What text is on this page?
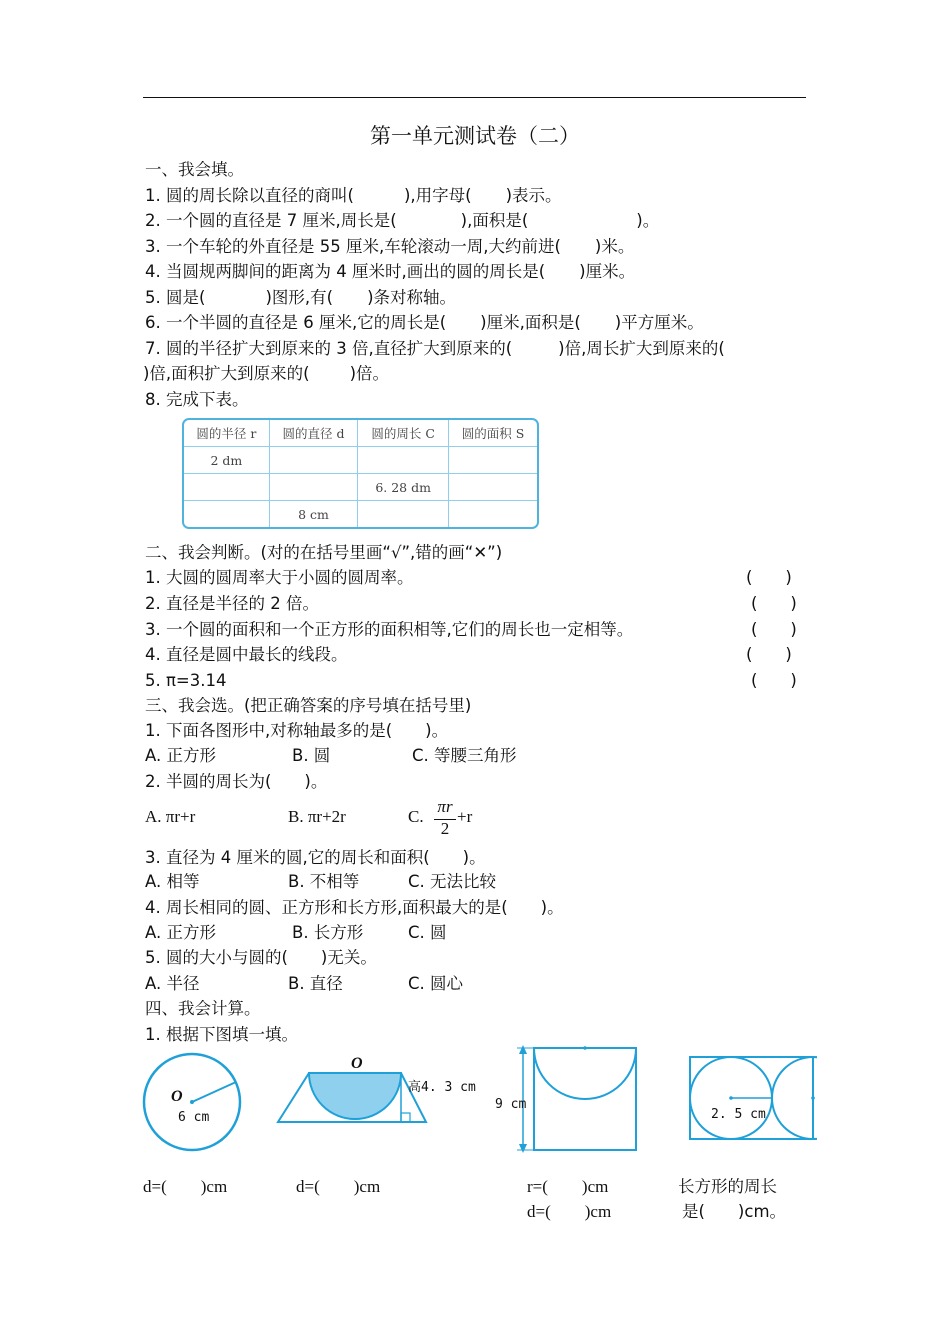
第一单元测试卷（二）
一、我会填。
1. 圆的周长除以直径的商叫(	),用字母( )表示。
2. 一个圆的直径是 7 厘米,周长是(	),面积是(	)。
3. 一个车轮的外直径是 55 厘米,车轮滚动一周,大约前进( )米。
4. 当圆规两脚间的距离为 4 厘米时,画出的圆的周长是( )厘米。
5. 圆是(	)图形,有( )条对称轴。
6. 一个半圆的直径是 6 厘米,它的周长是( )厘米,面积是( )平方厘米。
7. 圆的半径扩大到原来的 3 倍,直径扩大到原来的(	)倍,周长扩大到原来的(
)倍,面积扩大到原来的( )倍。
8. 完成下表。
圆的半径 r	圆的直径 d	圆的周长 C	圆的面积 S
2 dm			
		6. 28 dm	
	8 cm		
二、我会判断。(对的在括号里画“√”,错的画“✕”)
1. 大圆的圆周率大于小圆的圆周率。	(　　)
2. 直径是半径的 2 倍。	(　　)
3. 一个圆的面积和一个正方形的面积相等,它们的周长也一定相等。	(　　)
4. 直径是圆中最长的线段。	(　　)
5. π=3.14	(　　)
三、我会选。(把正确答案的序号填在括号里)
1. 下面各图形中,对称轴最多的是(　　)。
A. 正方形	B. 圆	C. 等腰三角形
2. 半圆的周长为(　　)。
A. πr+r	B. πr+2r	C.
πr
2
+r
3. 直径为 4 厘米的圆,它的周长和面积(　　)。
A. 相等	B. 不相等	C. 无法比较
4. 周长相同的圆、正方形和长方形,面积最大的是(　　)。
A. 正方形	B. 长方形	C. 圆
5. 圆的大小与圆的(　　)无关。
A. 半径	B. 直径	C. 圆心
四、我会计算。
1. 根据下图填一填。
O
6 cm
O
高4. 3 cm
9 cm
2. 5 cm
d=(　　)cm	d=(　　)cm	r=(　　)cm
d=(　　)cm
长方形的周长
是(　　)cm。
